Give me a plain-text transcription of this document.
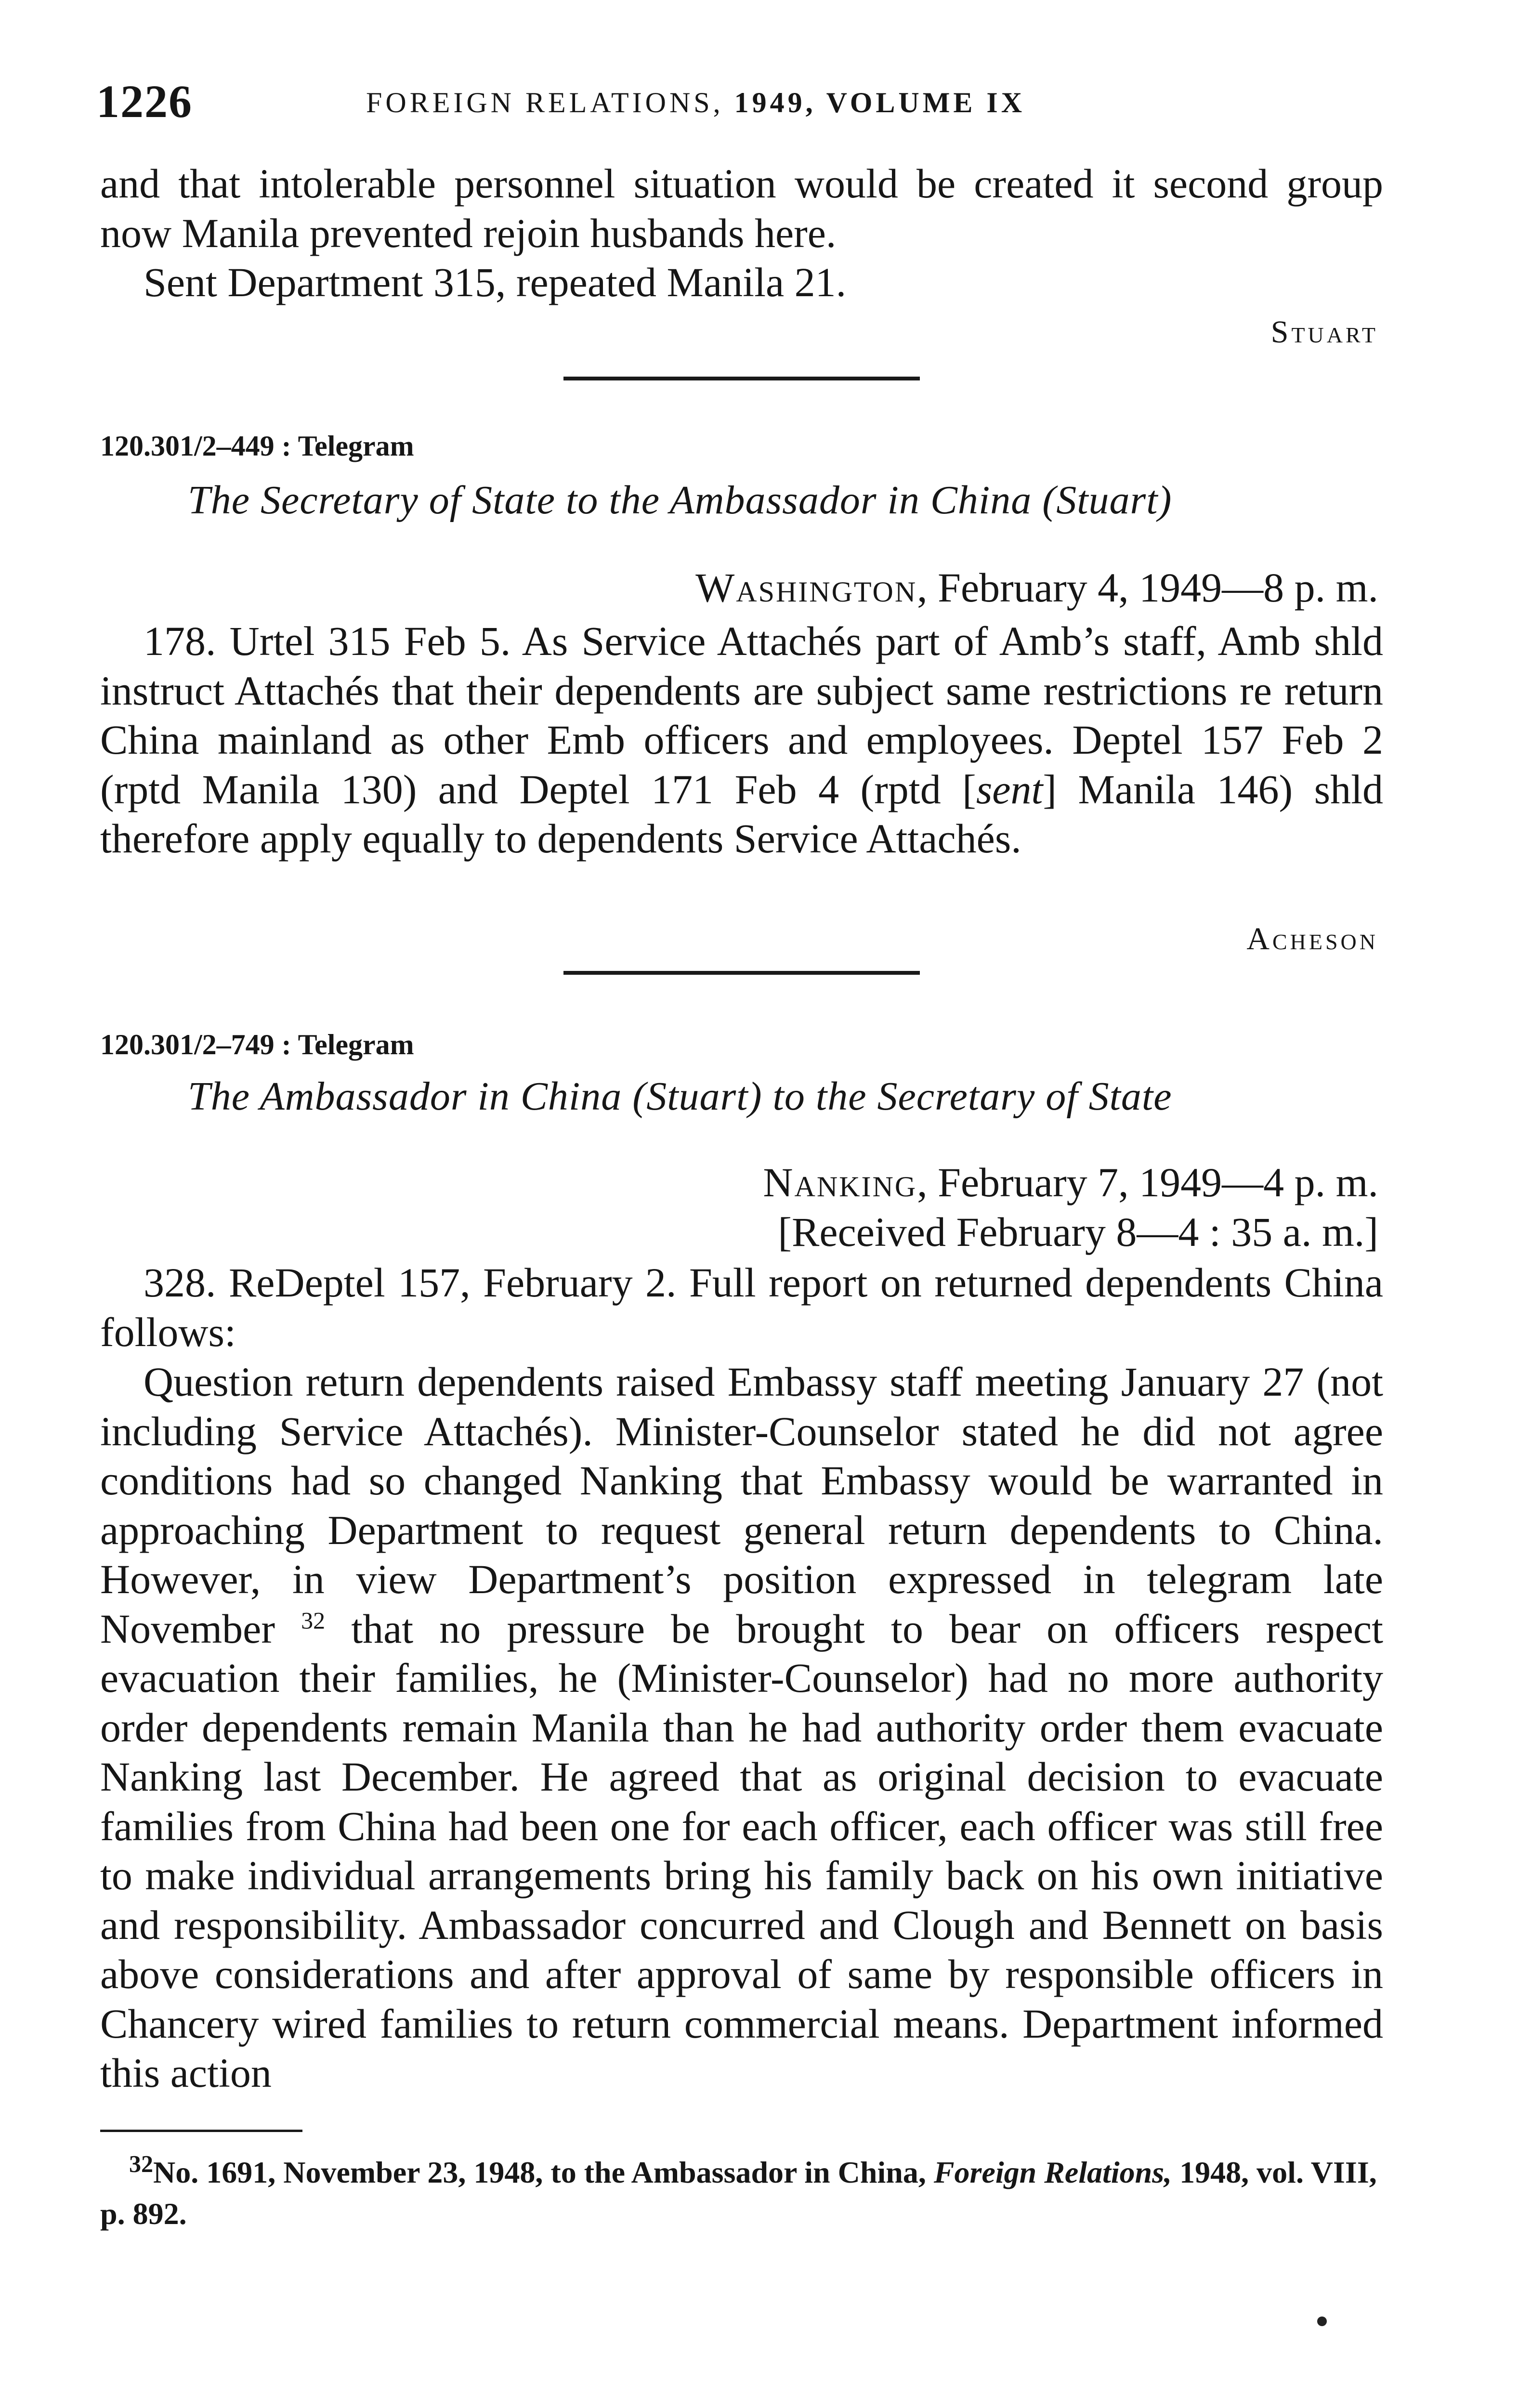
1226	FOREIGN RELATIONS, 1949, VOLUME IX

and that intolerable personnel situation would be created it second group now Manila prevented rejoin husbands here.

Sent Department 315, repeated Manila 21.

Stuart

120.301/2–449 : Telegram

The Secretary of State to the Ambassador in China (Stuart)

Washington, February 4, 1949—8 p. m.

178. Urtel 315 Feb 5. As Service Attachés part of Amb’s staff, Amb shld instruct Attachés that their dependents are subject same restrictions re return China mainland as other Emb officers and employees. Deptel 157 Feb 2 (rptd Manila 130) and Deptel 171 Feb 4 (rptd [sent] Manila 146) shld therefore apply equally to dependents Service Attachés.

Acheson

120.301/2–749 : Telegram

The Ambassador in China (Stuart) to the Secretary of State

Nanking, February 7, 1949—4 p. m.

[Received February 8—4 : 35 a. m.]

328. ReDeptel 157, February 2. Full report on returned dependents China follows:

Question return dependents raised Embassy staff meeting January 27 (not including Service Attachés). Minister-Counselor stated he did not agree conditions had so changed Nanking that Embassy would be warranted in approaching Department to request general return dependents to China. However, in view Department’s position expressed in telegram late November $^{32}$ that no pressure be brought to bear on officers respect evacuation their families, he (Minister-Counselor) had no more authority order dependents remain Manila than he had authority order them evacuate Nanking last December. He agreed that as original decision to evacuate families from China had been one for each officer, each officer was still free to make individual arrangements bring his family back on his own initiative and responsibility. Ambassador concurred and Clough and Bennett on basis above considerations and after approval of same by responsible officers in Chancery wired families to return commercial means. Department informed this action

$^{32}$No. 1691, November 23, 1948, to the Ambassador in China, Foreign Relations, 1948, vol. VIII, p. 892.
